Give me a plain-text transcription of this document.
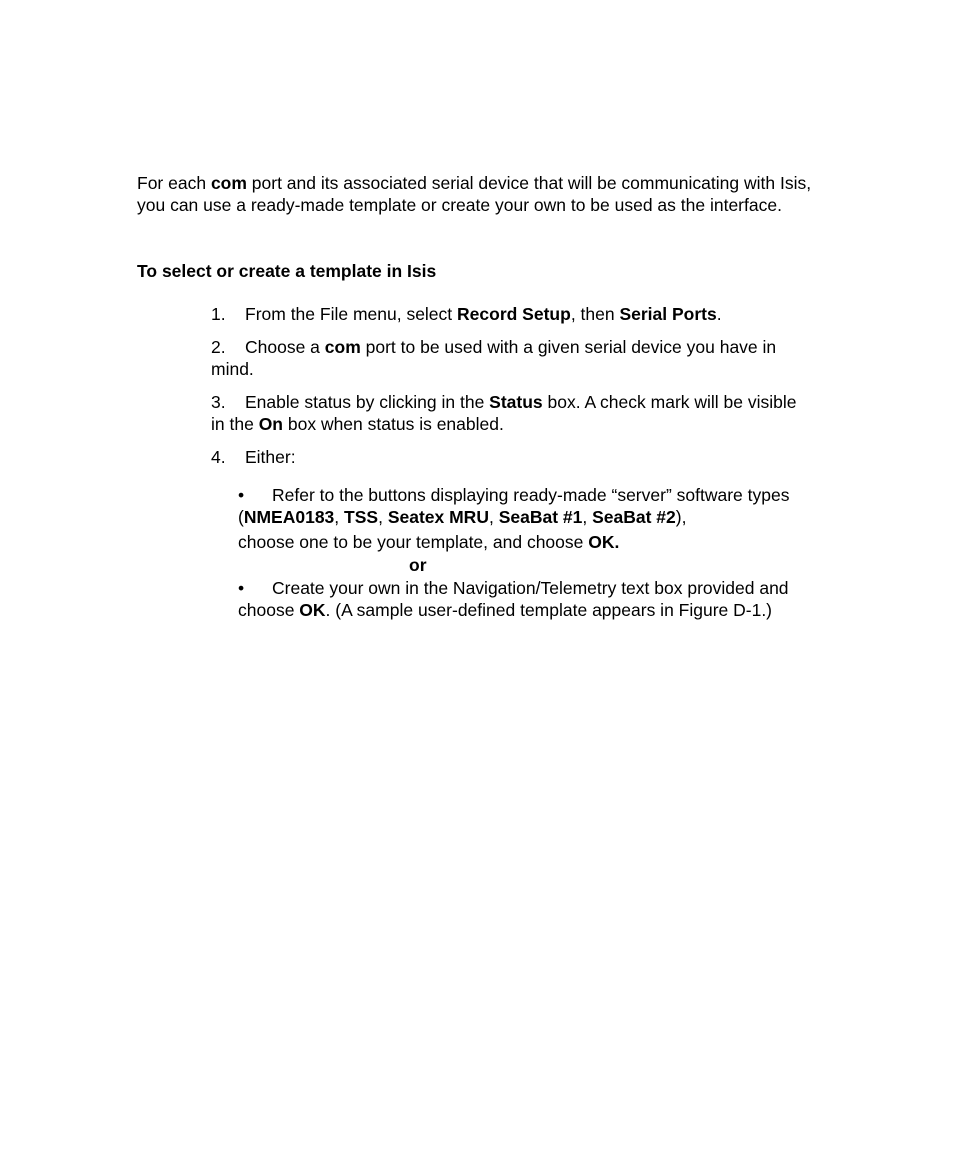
For each com port and its associated serial device that will be communicating with Isis, you can use a ready-made template or create your own to be used as the interface.

To select or create a template in Isis

1. From the File menu, select Record Setup, then Serial Ports.

2. Choose a com port to be used with a given serial device you have in mind.

3. Enable status by clicking in the Status box. A check mark will be visible in the On box when status is enabled.

4. Either:

• Refer to the buttons displaying ready-made “server” software types (NMEA0183, TSS, Seatex MRU, SeaBat #1, SeaBat #2),
choose one to be your template, and choose OK.

or

• Create your own in the Navigation/Telemetry text box provided and choose OK. (A sample user-defined template appears in Figure D-1.)
